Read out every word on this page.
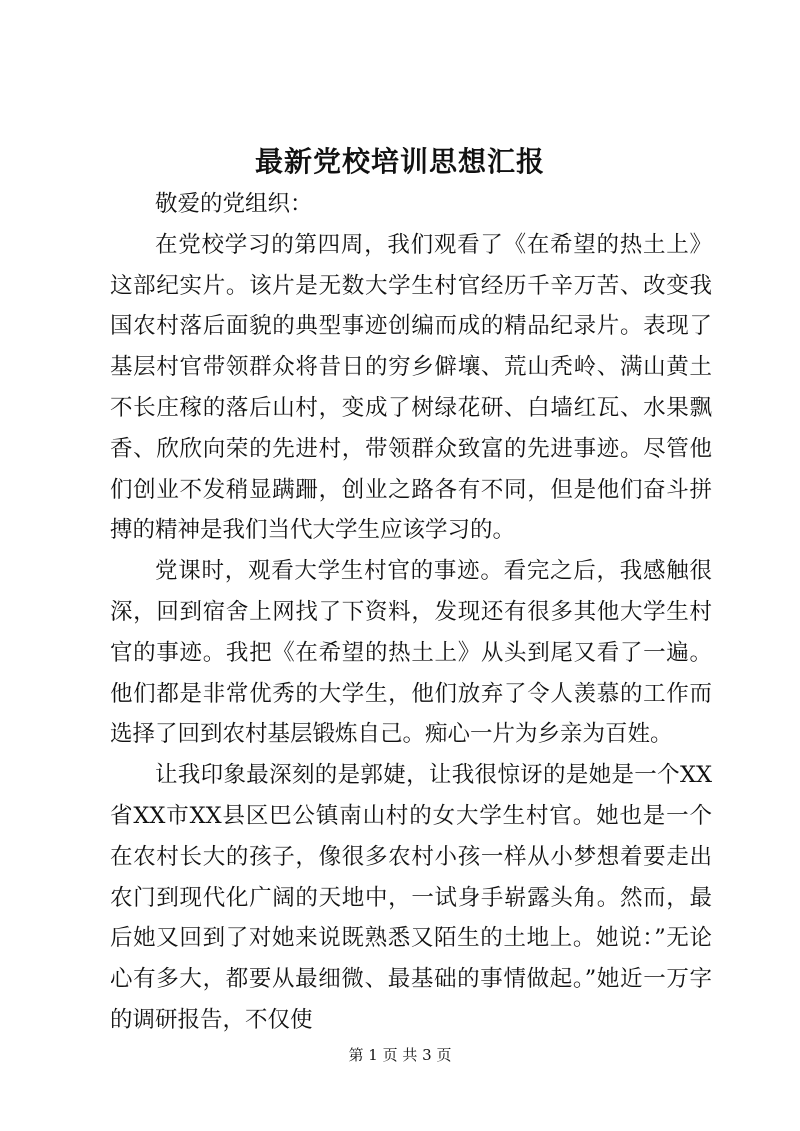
最新党校培训思想汇报

敬爱的党组织：

在党校学习的第四周，我们观看了《在希望的热土上》这部纪实片。该片是无数大学生村官经历千辛万苦、改变我国农村落后面貌的典型事迹创编而成的精品纪录片。表现了基层村官带领群众将昔日的穷乡僻壤、荒山秃岭、满山黄土不长庄稼的落后山村，变成了树绿花研、白墙红瓦、水果飘香、欣欣向荣的先进村，带领群众致富的先进事迹。尽管他们创业不发稍显蹒跚，创业之路各有不同，但是他们奋斗拼搏的精神是我们当代大学生应该学习的。

党课时，观看大学生村官的事迹。看完之后，我感触很深，回到宿舍上网找了下资料，发现还有很多其他大学生村官的事迹。我把《在希望的热土上》从头到尾又看了一遍。他们都是非常优秀的大学生，他们放弃了令人羡慕的工作而选择了回到农村基层锻炼自己。痴心一片为乡亲为百姓。

让我印象最深刻的是郭婕，让我很惊讶的是她是一个XX省XX市XX县区巴公镇南山村的女大学生村官。她也是一个在农村长大的孩子，像很多农村小孩一样从小梦想着要走出农门到现代化广阔的天地中，一试身手崭露头角。然而，最后她又回到了对她来说既熟悉又陌生的土地上。她说：”无论心有多大，都要从最细微、最基础的事情做起。”她近一万字的调研报告，不仅使

第 1 页 共 3 页
